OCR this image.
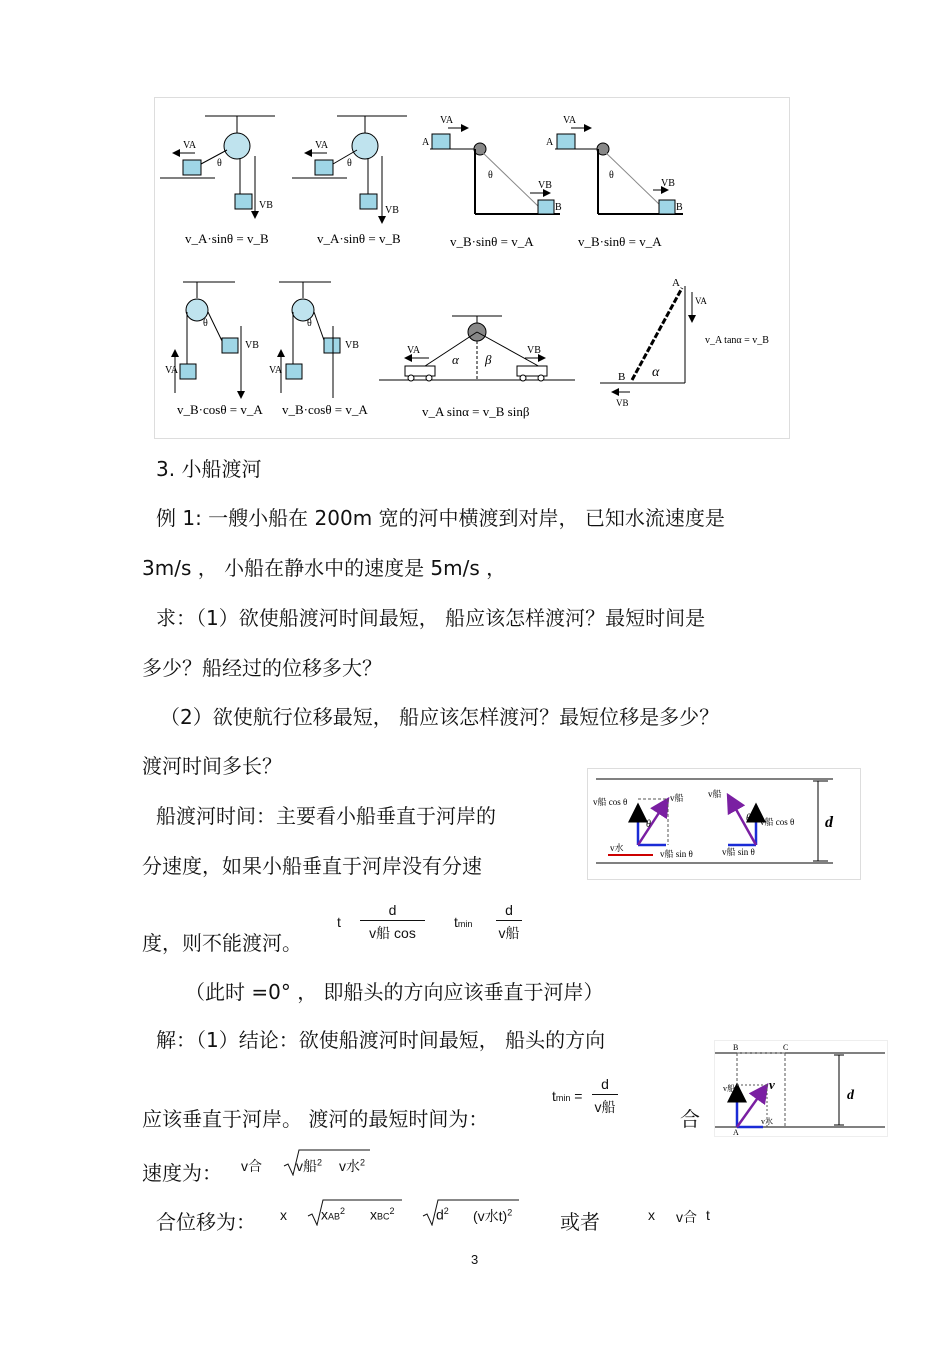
VA
θ
VB
v_A·sinθ = v_B
VA
θ
VB
v_A·sinθ = v_B
VA
A
B
VB
θ
v_B·sinθ = v_A
VA
A
B
VB
θ
v_B·sinθ = v_A
VA
VB
θ
v_B·cosθ = v_A
VA
VB
θ
v_B·cosθ = v_A
VA	VB
α β
v_A sinα = v_B sinβ
A
B α
VA
VB
v_A tanα = v_B
3. 小船渡河
例 1: 一艘小船在 200m 宽的河中横渡到对岸， 已知水流速度是
3m/s ， 小船在静水中的速度是 5m/s ，
求：（1）欲使船渡河时间最短， 船应该怎样渡河？最短时间是
多少？船经过的位移多大？
（2）欲使航行位移最短， 船应该怎样渡河？最短位移是多少？
渡河时间多长？
d
v水
v船 cos θ	v船
θ
v船 sin θ
v船
θ v船 cos θ
v船 sin θ
船渡河时间：主要看小船垂直于河岸的
分速度，如果小船垂直于河岸没有分速
t
d
v船 cos
tmin
d
v船
度，则不能渡河。
（此时 =0° ， 即船头的方向应该垂直于河岸）
解：（1）结论：欲使船渡河时间最短， 船头的方向	B	C
v
v船
v水
A
d
tmin =
d
v船
应该垂直于河岸。 渡河的最短时间为：	合
速度为： v合 v船$^2$ v水$^2$
合位移为： x xAB$^2$ xBC$^2$	$d^2$ (v水t)$^2$ 或者	x v合 t
3
